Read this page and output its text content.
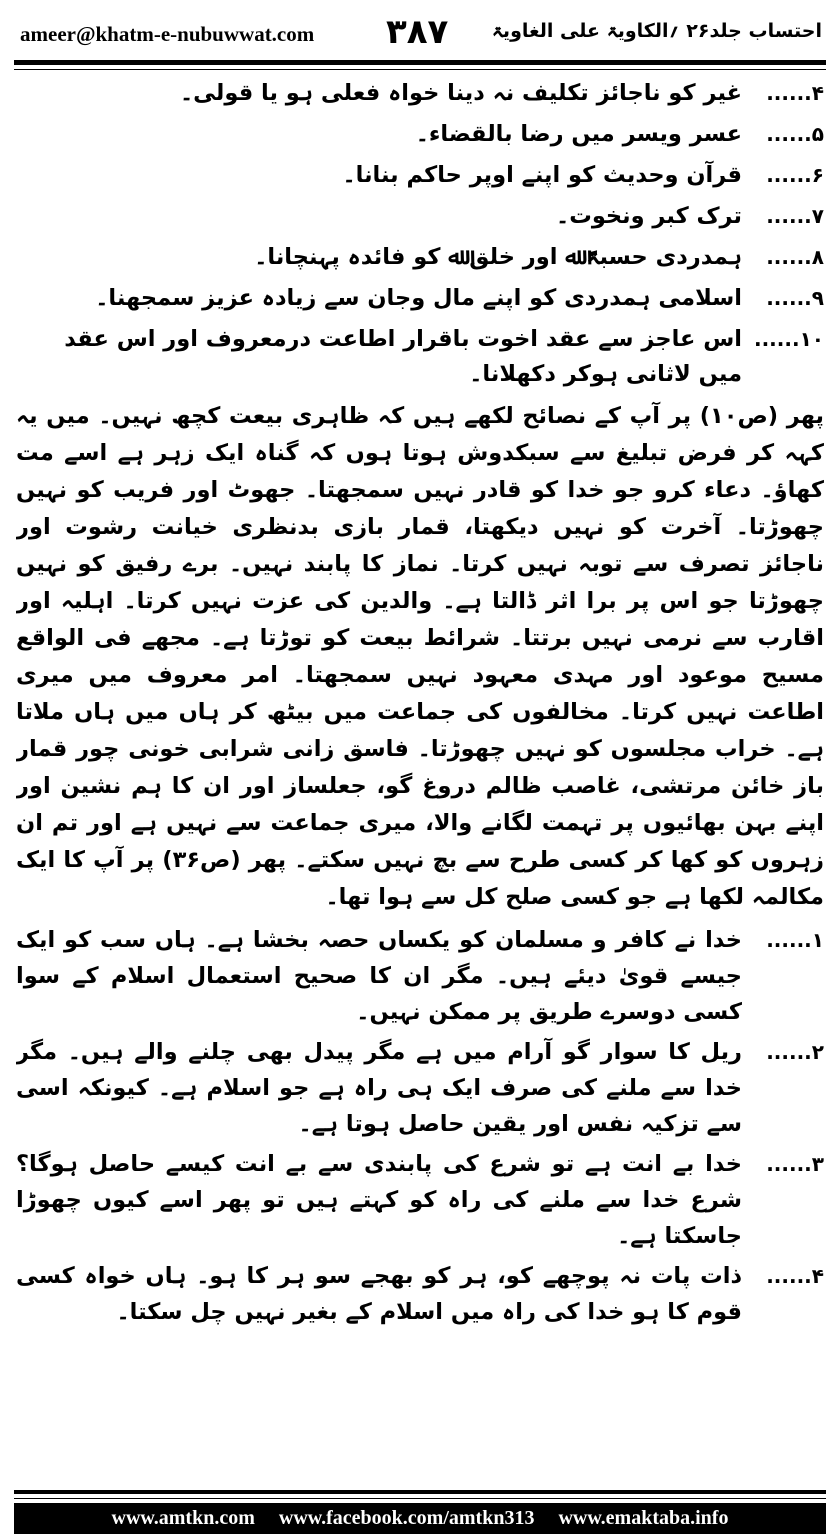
ameer@khatm-e-nubuwwat.com ۳۸۷ احتساب جلد۲۶ ؍الکاویۃ علی الغاویۃ
۴......
غیر کو ناجائز تکلیف نہ دینا خواہ فعلی ہو یا قولی۔
۵......
عسر ویسر میں رضا بالقضاء۔
۶......
قرآن وحدیث کو اپنے اوپر حاکم بنانا۔
۷......
ترک کبر ونخوت۔
۸......
ہمدردی حسبۃً ﷲ اور خلق ﷲ کو فائدہ پہنچانا۔
۹......
اسلامی ہمدردی کو اپنے مال وجان سے زیادہ عزیز سمجھنا۔
۱۰......
اس عاجز سے عقد اخوت باقرار اطاعت درمعروف اور اس عقد میں لاثانی ہوکر دکھلانا۔

پھر (ص۱۰) پر آپ کے نصائح لکھے ہیں کہ ظاہری بیعت کچھ نہیں۔ میں یہ کہہ کر فرض تبلیغ سے سبکدوش ہوتا ہوں کہ گناہ ایک زہر ہے اسے مت کھاؤ۔ دعاء کرو جو خدا کو قادر نہیں سمجھتا۔ جھوٹ اور فریب کو نہیں چھوڑتا۔ آخرت کو نہیں دیکھتا، قمار بازی بدنظری خیانت رشوت اور ناجائز تصرف سے توبہ نہیں کرتا۔ نماز کا پابند نہیں۔ برے رفیق کو نہیں چھوڑتا جو اس پر برا اثر ڈالتا ہے۔ والدین کی عزت نہیں کرتا۔ اہلیہ اور اقارب سے نرمی نہیں برتتا۔ شرائط بیعت کو توڑتا ہے۔ مجھے فی الواقع مسیح موعود اور مہدی معہود نہیں سمجھتا۔ امر معروف میں میری اطاعت نہیں کرتا۔ مخالفوں کی جماعت میں بیٹھ کر ہاں میں ہاں ملاتا ہے۔ خراب مجلسوں کو نہیں چھوڑتا۔ فاسق زانی شرابی خونی چور قمار باز خائن مرتشی، غاصب ظالم دروغ گو، جعلساز اور ان کا ہم نشین اور اپنے بہن بھائیوں پر تہمت لگانے والا، میری جماعت سے نہیں ہے اور تم ان زہروں کو کھا کر کسی طرح سے بچ نہیں سکتے۔ پھر (ص۳۶) پر آپ کا ایک مکالمہ لکھا ہے جو کسی صلح کل سے ہوا تھا۔

۱......
خدا نے کافر و مسلمان کو یکساں حصہ بخشا ہے۔ ہاں سب کو ایک جیسے قویٰ دیئے ہیں۔ مگر ان کا صحیح استعمال اسلام کے سوا کسی دوسرے طریق پر ممکن نہیں۔
۲......
ریل کا سوار گو آرام میں ہے مگر پیدل بھی چلنے والے ہیں۔ مگر خدا سے ملنے کی صرف ایک ہی راہ ہے جو اسلام ہے۔ کیونکہ اسی سے تزکیہ نفس اور یقین حاصل ہوتا ہے۔
۳......
خدا بے انت ہے تو شرع کی پابندی سے بے انت کیسے حاصل ہوگا؟ شرع خدا سے ملنے کی راہ کو کہتے ہیں تو پھر اسے کیوں چھوڑا جاسکتا ہے۔
۴......
ذات پات نہ پوچھے کو، ہر کو بھجے سو ہر کا ہو۔ ہاں خواہ کسی قوم کا ہو خدا کی راہ میں اسلام کے بغیر نہیں چل سکتا۔
www.amtkn.com www.facebook.com/amtkn313 www.emaktaba.info
